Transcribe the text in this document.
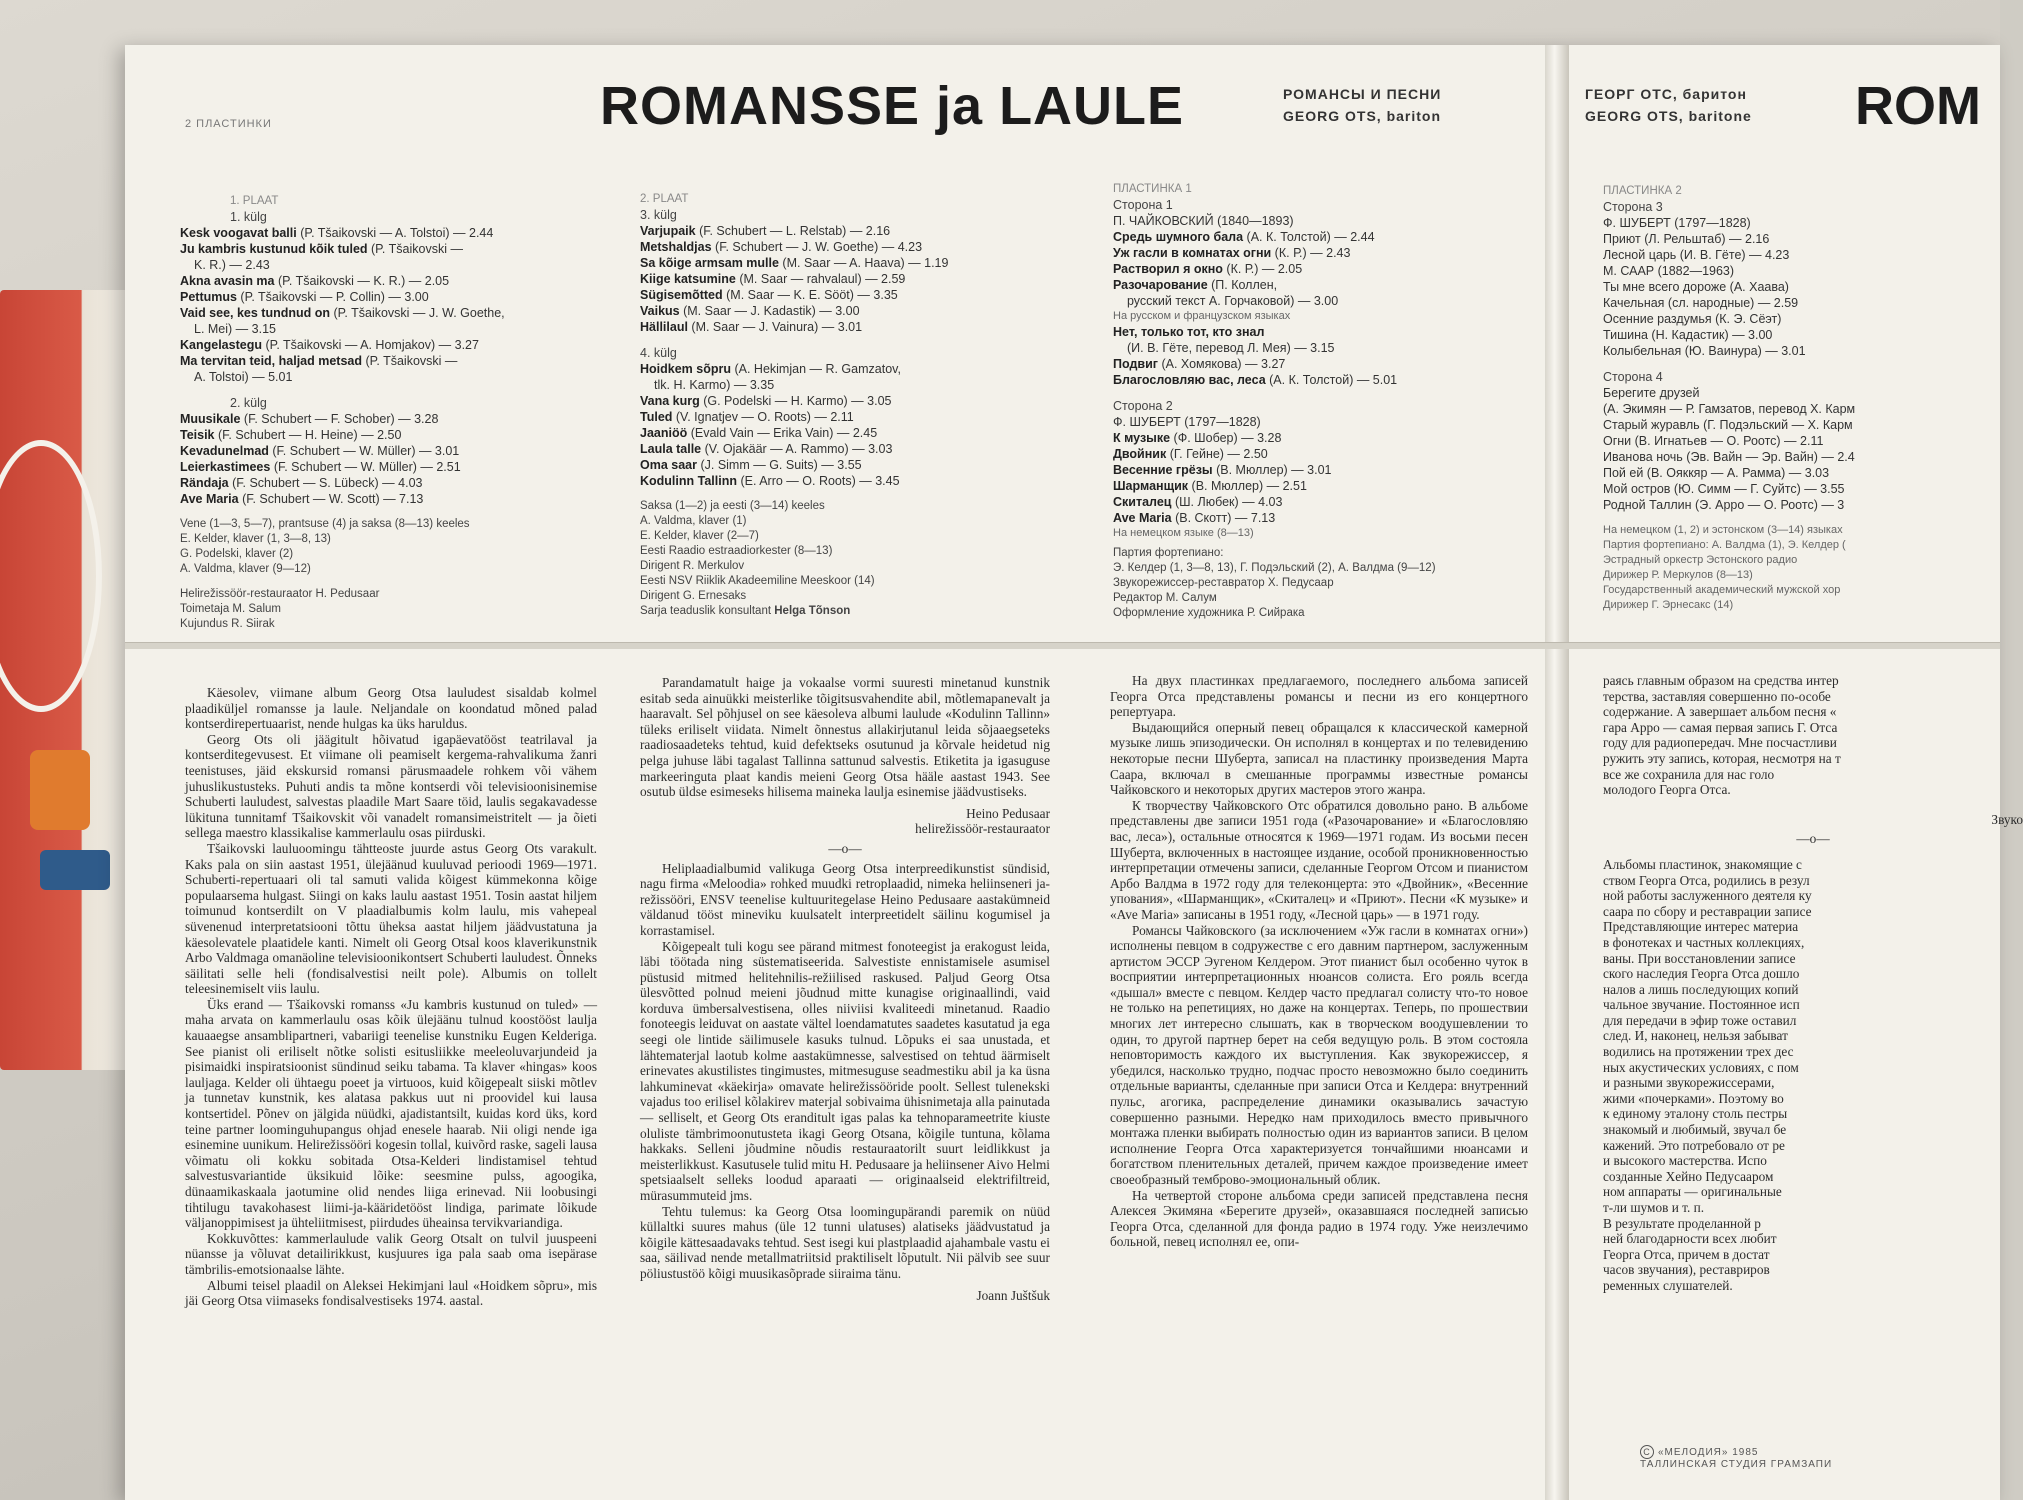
2 ПЛАСТИНКИ	ROMANSSE ja LAULE	РОМАНСЫ И ПЕСНИ
GEORG OTS, bariton
1. PLAAT
1. külg
Kesk voogavat balli (P. Tšaikovski — A. Tolstoi) — 2.44
Ju kambris kustunud kõik tuled (P. Tšaikovski —
K. R.) — 2.43
Akna avasin ma (P. Tšaikovski — K. R.) — 2.05
Pettumus (P. Tšaikovski — P. Collin) — 3.00
Vaid see, kes tundnud on (P. Tšaikovski — J. W. Goethe,
L. Mei) — 3.15
Kangelastegu (P. Tšaikovski — A. Homjakov) — 3.27
Ma tervitan teid, haljad metsad (P. Tšaikovski —
A. Tolstoi) — 5.01
2. külg
Muusikale (F. Schubert — F. Schober) — 3.28
Teisik (F. Schubert — H. Heine) — 2.50
Kevadunelmad (F. Schubert — W. Müller) — 3.01
Leierkastimees (F. Schubert — W. Müller) — 2.51
Rändaja (F. Schubert — S. Lübeck) — 4.03
Ave Maria (F. Schubert — W. Scott) — 7.13
Vene (1—3, 5—7), prantsuse (4) ja saksa (8—13) keeles
E. Kelder, klaver (1, 3—8, 13)
G. Podelski, klaver (2)
A. Valdma, klaver (9—12)
Helirežissöör-restauraator H. Pedusaar
Toimetaja M. Salum
Kujundus R. Siirak
2. PLAAT
3. külg
Varjupaik (F. Schubert — L. Relstab) — 2.16
Metshaldjas (F. Schubert — J. W. Goethe) — 4.23
Sa kõige armsam mulle (M. Saar — A. Haava) — 1.19
Kiige katsumine (M. Saar — rahvalaul) — 2.59
Sügisemõtted (M. Saar — K. E. Sööt) — 3.35
Vaikus (M. Saar — J. Kadastik) — 3.00
Hällilaul (M. Saar — J. Vainura) — 3.01
4. külg
Hoidkem sõpru (A. Hekimjan — R. Gamzatov,
tlk. H. Karmo) — 3.35
Vana kurg (G. Podelski — H. Karmo) — 3.05
Tuled (V. Ignatjev — O. Roots) — 2.11
Jaaniöö (Evald Vain — Erika Vain) — 2.45
Laula talle (V. Ojakäär — A. Rammo) — 3.03
Oma saar (J. Simm — G. Suits) — 3.55
Kodulinn Tallinn (E. Arro — O. Roots) — 3.45
Saksa (1—2) ja eesti (3—14) keeles
A. Valdma, klaver (1)
E. Kelder, klaver (2—7)
Eesti Raadio estraadiorkester (8—13)
Dirigent R. Merkulov
Eesti NSV Riiklik Akadeemiline Meeskoor (14)
Dirigent G. Ernesaks
Sarja teaduslik konsultant Helga Tõnson
ПЛАСТИНКА 1
Сторона 1
П. ЧАЙКОВСКИЙ (1840—1893)
Средь шумного бала (А. К. Толстой) — 2.44
Уж гасли в комнатах огни (К. Р.) — 2.43
Растворил я окно (К. Р.) — 2.05
Разочарование (П. Коллен,
русский текст А. Горчаковой) — 3.00
На русском и французском языках
Нет, только тот, кто знал
(И. В. Гёте, перевод Л. Мея) — 3.15
Подвиг (А. Хомякова) — 3.27
Благословляю вас, леса (А. К. Толстой) — 5.01
Сторона 2
Ф. ШУБЕРТ (1797—1828)
К музыке (Ф. Шобер) — 3.28
Двойник (Г. Гейне) — 2.50
Весенние грёзы (В. Мюллер) — 3.01
Шарманщик (В. Мюллер) — 2.51
Скиталец (Ш. Любек) — 4.03
Ave Maria (В. Скотт) — 7.13
На немецком языке (8—13)
Партия фортепиано:
Э. Келдер (1, 3—8, 13), Г. Подэльский (2), А. Валдма (9—12)
Звукорежиссер-реставратор Х. Педусаар
Редактор М. Салум
Оформление художника Р. Сийрака
ГЕОРГ ОТС, баритон
GEORG OTS, baritone ROM
ПЛАСТИНКА 2
Сторона 3
Ф. ШУБЕРТ (1797—1828)
Приют (Л. Рельштаб) — 2.16
Лесной царь (И. В. Гёте) — 4.23
М. СААР (1882—1963)
Ты мне всего дороже (А. Хаава)
Качельная (сл. народные) — 2.59
Осенние раздумья (К. Э. Сёэт)
Тишина (Н. Кадастик) — 3.00
Колыбельная (Ю. Ваинура) — 3.01
Сторона 4
Берегите друзей
(А. Экимян — Р. Гамзатов, перевод Х. Карм
Старый журавль (Г. Подэльский — Х. Карм
Огни (В. Игнатьев — О. Роотс) — 2.11
Иванова ночь (Эв. Вайн — Эр. Вайн) — 2.4
Пой ей (В. Ояккяр — А. Рамма) — 3.03
Мой остров (Ю. Симм — Г. Суйтс) — 3.55
Родной Таллин (Э. Арро — О. Роотс) — 3
На немецком (1, 2) и эстонском (3—14) языках
Партия фортепиано: А. Валдма (1), Э. Келдер (
Эстрадный оркестр Эстонского радио
Дирижер Р. Меркулов (8—13)
Государственный академический мужской хор
Дирижер Г. Эрнесакс (14)

Käesolev, viimane album Georg Otsa lauludest sisaldab kolmel plaadiküljel romansse ja laule. Neljandale on koondatud mõned palad kontserdirepertuaarist, nende hulgas ka üks haruldus.

Georg Ots oli jäägitult hõivatud igapäevatööst teatrilaval ja kontserditegevusest. Et viimane oli peamiselt kergema-rahvalikuma žanri teenistuses, jäid ekskursid romansi pärusmaadele rohkem või vähem juhuslikustusteks. Puhuti andis ta mõne kontserdi või televisioonisinemise Schuberti lauludest, salvestas plaadile Mart Saare töid, laulis segakavadesse lükituna tunnitamf Tšaikovskit või vanadelt romansimeistritelt — ja õieti sellega maestro klassikalise kammerlaulu osas piirduski.

Tšaikovski lauluoomingu tähtteoste juurde astus Georg Ots varakult. Kaks pala on siin aastast 1951, ülejäänud kuuluvad perioodi 1969—1971. Schuberti-repertuaari oli tal samuti valida kõigest kümmekonna kõige populaarsema hulgast. Siingi on kaks laulu aastast 1951. Tosin aastat hiljem toimunud kontserdilt on V plaadialbumis kolm laulu, mis vahepeal süvenenud interpretatsiooni tõttu üheksa aastat hiljem jäädvustatuna ja käesolevatele plaatidele kanti. Nimelt oli Georg Otsal koos klaverikunstnik Arbo Valdmaga omanäoline televisioonikontsert Schuberti lauludest. Õnneks säilitati selle heli (fondisalvestisi neilt pole). Albumis on tollelt teleesinemiselt viis laulu.

Üks erand — Tšaikovski romanss «Ju kambris kustunud on tuled» — maha arvata on kammerlaulu osas kõik ülejäänu tulnud koostööst laulja kauaaegse ansamblipartneri, vabariigi teenelise kunstniku Eugen Kelderiga. See pianist oli eriliselt nõtke solisti esitusliikke meeleoluvarjundeid ja pisimaidki inspiratsioonist sündinud seiku tabama. Ta klaver «hingas» koos lauljaga. Kelder oli ühtaegu poeet ja virtuoos, kuid kõigepealt siiski mõtlev ja tunnetav kunstnik, kes alatasa pakkus uut ni proovidel kui lausa kontsertidel. Põnev on jälgida nüüdki, ajadistantsilt, kuidas kord üks, kord teine partner loominguhupangus ohjad enesele haarab. Nii oligi nende iga esinemine uunikum. Helirežissööri kogesin tollal, kuivõrd raske, sageli lausa võimatu oli kokku sobitada Otsa-Kelderi lindistamisel tehtud salvestusvariantide üksikuid lõike: seesmine pulss, agoogika, dünaamikaskaala jaotumine olid nendes liiga erinevad. Nii loobusingi tihtilugu tavakohasest liimi-ja-kääridetööst lindiga, parimate lõikude väljanoppimisest ja ühteliitmisest, piirdudes üheainsa tervikvariandiga.

Kokkuvõttes: kammerlaulude valik Georg Otsalt on tulvil juuspeeni nüansse ja võluvat detailirikkust, kusjuures iga pala saab oma isepärase tämbrilis-emotsionaalse lähte.

Albumi teisel plaadil on Aleksei Hekimjani laul «Hoidkem sõpru», mis jäi Georg Otsa viimaseks fondisalvestiseks 1974. aastal.

Parandamatult haige ja vokaalse vormi suuresti minetanud kunstnik esitab seda ainuükki meisterlike tõigitsusvahendite abil, mõtlemapanevalt ja haaravalt. Sel põhjusel on see käesoleva albumi laulude «Kodulinn Tallinn» tüleks eriliselt viidata. Nimelt õnnestus allakirjutanul leida sõjaaegseteks raadiosaadeteks tehtud, kuid defektseks osutunud ja kõrvale heidetud nig pelga juhuse läbi tagalast Tallinna sattunud salvestis. Etiketita ja igasuguse markeeringuta plaat kandis meieni Georg Otsa hääle aastast 1943. See osutub üldse esimeseks hilisema maineka laulja esinemise jäädvustiseks.

Heino Pedusaar

helirežissöör-restauraator

—o—

Heliplaadialbumid valikuga Georg Otsa interpreedikunstist sündisid, nagu firma «Meloodia» rohked muudki retroplaadid, nimeka heliinseneri ja- režissööri, ENSV teenelise kultuuritegelase Heino Pedusaare aastakümneid väldanud tööst mineviku kuulsatelt interpreetidelt säilinu kogumisel ja korrastamisel.

Kõigepealt tuli kogu see pärand mitmest fonoteegist ja erakogust leida, läbi töötada ning süstematiseerida. Salvestiste ennistamisele asumisel püstusid mitmed helitehnilis-režiilised raskused. Paljud Georg Otsa ülesvõtted polnud meieni jõudnud mitte kunagise originaallindi, vaid korduva ümbersalvestisena, olles niiviisi kvaliteedi minetanud. Raadio fonoteegis leiduvat on aastate vältel loendamatutes saadetes kasutatud ja ega seegi ole lintide säilimusele kasuks tulnud. Lõpuks ei saa unustada, et lähtematerjal laotub kolme aastakümnesse, salvestised on tehtud äärmiselt erinevates akustilistes tingimustes, mitmesuguse seadmestiku abil ja ka üsna lahkuminevat «käekirja» omavate helirežissööride poolt. Sellest tulenekski vajadus too erilisel kõlakirev materjal sobivaima ühisnimetaja alla painutada — selliselt, et Georg Ots eranditult igas palas ka tehnoparameetrite kiuste oluliste tämbrimoonutusteta ikagi Georg Otsana, kõigile tuntuna, kõlama hakkaks. Selleni jõudmine nõudis restauraatorilt suurt leidlikkust ja meisterlikkust. Kasutusele tulid mitu H. Pedusaare ja heliinsener Aivo Helmi spetsiaalselt selleks loodud aparaati — originaalseid elektrifiltreid, mürasummuteid jms.

Tehtu tulemus: ka Georg Otsa loomingupärandi paremik on nüüd küllaltki suures mahus (üle 12 tunni ulatuses) alatiseks jäädvustatud ja kõigile kättesaadavaks tehtud. Sest isegi kui plastplaadid ajahambale vastu ei saa, säilivad nende metallmatriitsid praktiliselt lõputult. Nii pälvib see suur pöliustustöö kõigi muusikasõpradе siiraima tänu.

Joann Juštšuk

На двух пластинках предлагаемого, последнего альбома записей Георга Отса представлены романсы и песни из его концертного репертуара.

Выдающийся оперный певец обращался к классической камерной музыке лишь эпизодически. Он исполнял в концертах и по телевидению некоторые песни Шуберта, записал на пластинку произведения Марта Саара, включал в смешанные программы известные романсы Чайковского и некоторых других мастеров этого жанра.

К творчеству Чайковского Отс обратился довольно рано. В альбоме представлены две записи 1951 года («Разочарование» и «Благословляю вас, леса»), остальные относятся к 1969—1971 годам. Из восьми песен Шуберта, включенных в настоящее издание, особой проникновенностью интерпретации отмечены записи, сделанные Георгом Отсом и пианистом Арбо Валдма в 1972 году для телеконцерта: это «Двойник», «Весенние упования», «Шарманщик», «Скиталец» и «Приют». Песни «К музыке» и «Ave Maria» записаны в 1951 году, «Лесной царь» — в 1971 году.

Романсы Чайковского (за исключением «Уж гасли в комнатах огни») исполнены певцом в содружестве с его давним партнером, заслуженным артистом ЭССР Эугеном Келдером. Этот пианист был особенно чуток в восприятии интерпретационных нюансов солиста. Его рояль всегда «дышал» вместе с певцом. Келдер часто предлагал солисту что-то новое не только на репетициях, но даже на концертах. Теперь, по прошествии многих лет интересно слышать, как в творческом воодушевлении то один, то другой партнер берет на себя ведущую роль. В этом состояла неповторимость каждого их выступления. Как звукорежиссер, я убедился, насколько трудно, подчас просто невозможно было соединить отдельные варианты, сделанные при записи Отса и Келдера: внутренний пульс, агогика, распределение динамики оказывались зачастую совершенно разными. Нередко нам приходилось вместо привычного монтажа пленки выбирать полностью один из вариантов записи. В целом исполнение Георга Отса характеризуется тончайшими нюансами и богатством пленительных деталей, причем каждое произведение имеет своеобразный темброво-эмоциональный облик.

На четвертой стороне альбома среди записей представлена песня Алексея Экимяна «Берегите друзей», оказавшаяся последней записью Георга Отса, сделанной для фонда радио в 1974 году. Уже неизлечимо больной, певец исполнял ее, опи-

раясь главным образом на средства интер
терства, заставляя совершенно по-особе
содержание. А завершает альбом песня «
гара Арро — самая первая запись Г. Отса
году для радиопередач. Мне посчастливи
ружить эту запись, которая, несмотря на т
все же сохранила для нас голо
молодого Георга Отса.

Звуко

—о—

Альбомы пластинок, знакомящие с
ством Георга Отса, родились в резул
ной работы заслуженного деятеля ку
саара по сбору и реставрации записе
Представляющие интерес материа
в фонотеках и частных коллекциях,
ваны. При восстановлении записе
ского наследия Георга Отса дошло
налов а лишь последующих копий
чальное звучание. Постоянное исп
для передачи в эфир тоже оставил
след. И, наконец, нельзя забыват
водились на протяжении трех дес
ных акустических условиях, с пом
и разными звукорежиссерами,
жими «почерками». Поэтому во
к единому эталону столь пестры
знакомый и любимый, звучал бе
кажений. Это потребовало от ре
и высокого мастерства. Испо
созданные Хейно Педусааром
ном аппараты — оригинальные
т-ли шумов и т. п.
В результате проделанной р
ней благодарности всех любит
Георга Отса, причем в достат
часов звучания), реставриров
ременных слушателей.
С «МЕЛОДИЯ» 1985
ТАЛЛИНСКАЯ СТУДИЯ ГРАМЗАПИ
